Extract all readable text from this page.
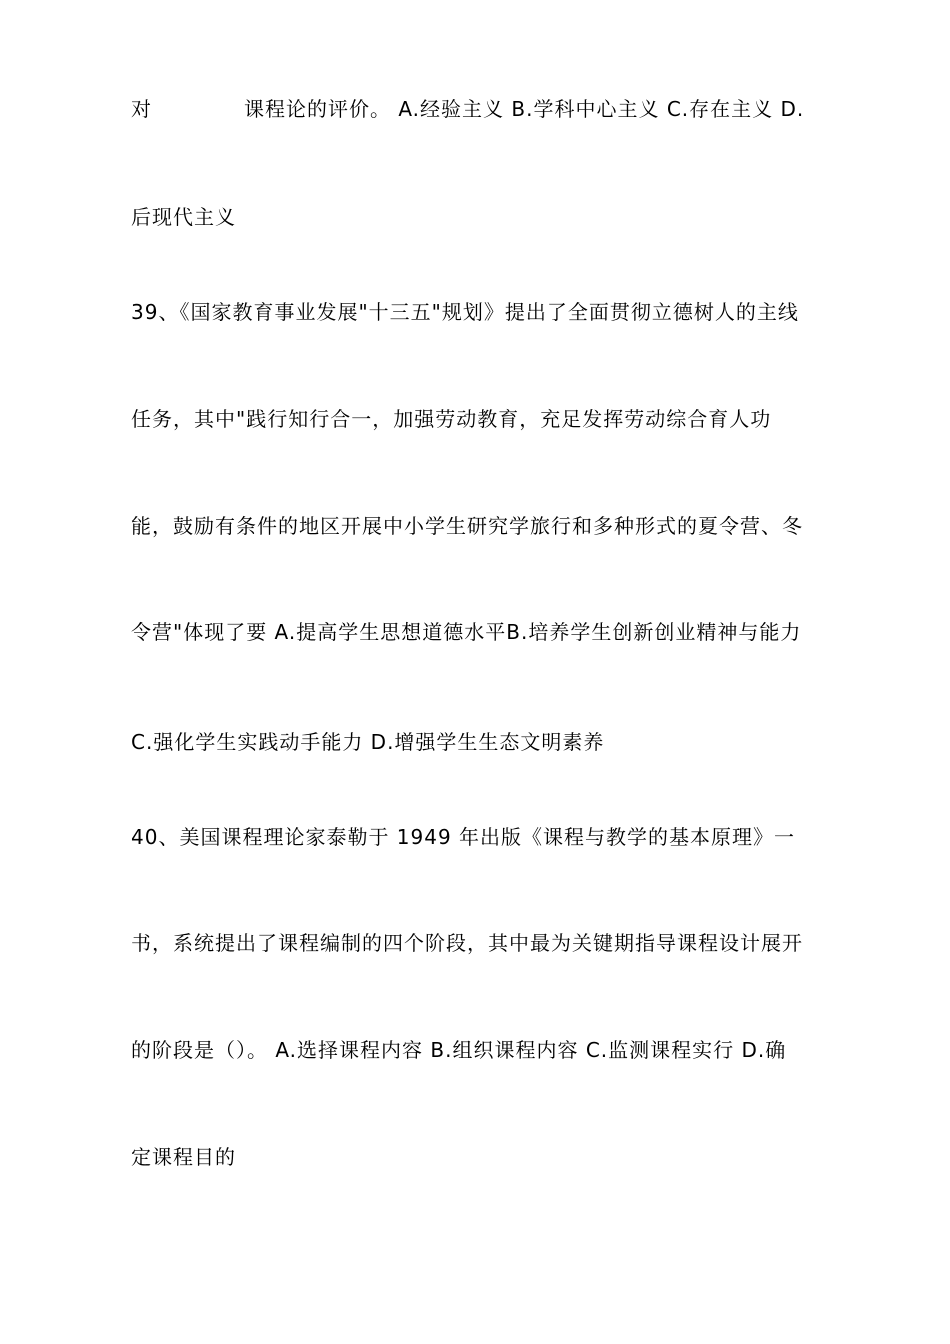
对	课程论的评价。 A.经验主义 B.学科中心主义 C.存在主义 D.
后现代主义
39、《国家教育事业发展"十三五"规划》提出了全面贯彻立德树人的主线
任务，其中"践行知行合一，加强劳动教育，充足发挥劳动综合育人功
能，鼓励有条件的地区开展中小学生研究学旅行和多种形式的夏令营、冬
令营"体现了要 A.提高学生思想道德水平B.培养学生创新创业精神与能力
C.强化学生实践动手能力 D.增强学生生态文明素养
40、美国课程理论家泰勒于 1949 年出版《课程与教学的基本原理》一
书，系统提出了课程编制的四个阶段，其中最为关键期指导课程设计展开
的阶段是（）。 A.选择课程内容 B.组织课程内容 C.监测课程实行 D.确
定课程目的
